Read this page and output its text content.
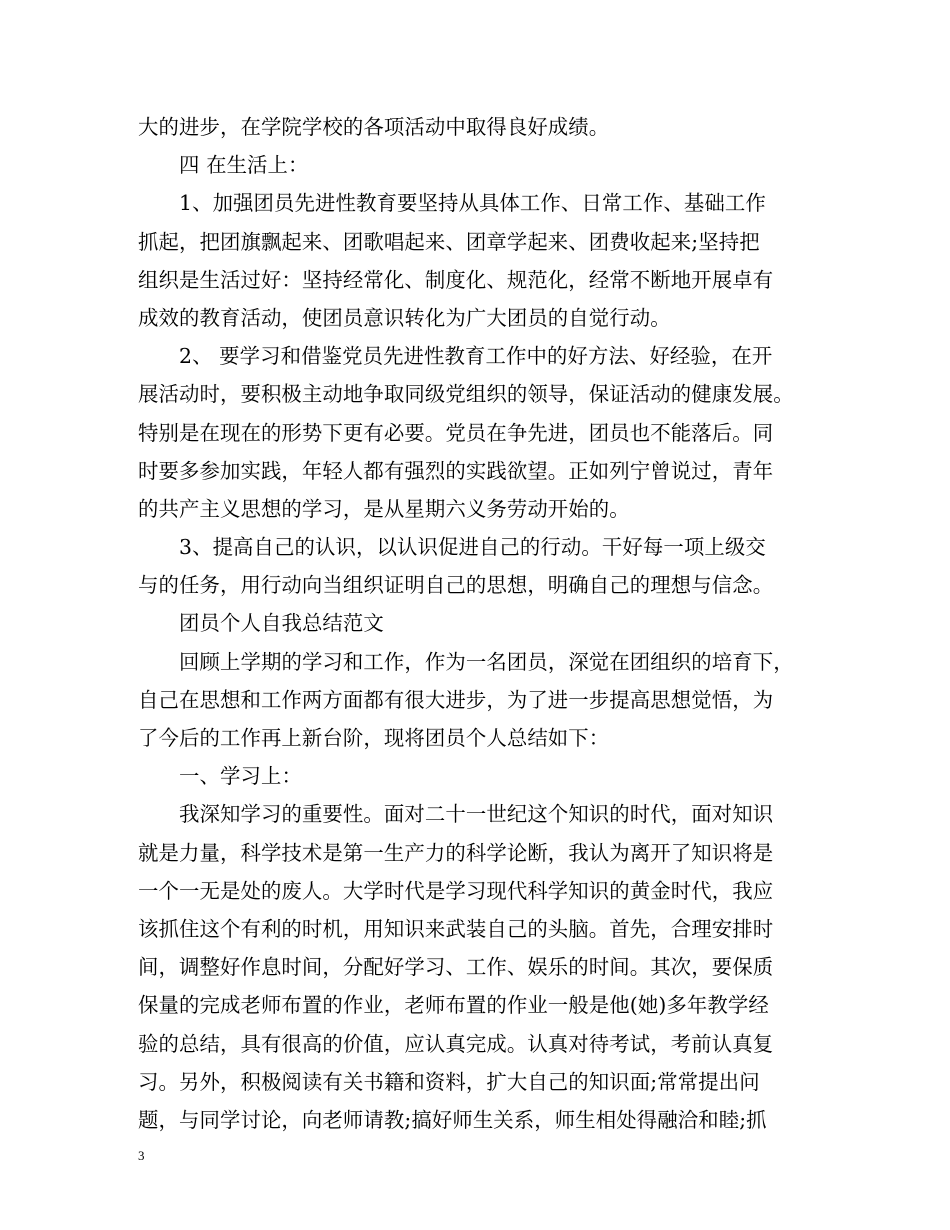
大的进步，在学院学校的各项活动中取得良好成绩。
四 在生活上：
1、加强团员先进性教育要坚持从具体工作、日常工作、基础工作
抓起，把团旗飘起来、团歌唱起来、团章学起来、团费收起来;坚持把
组织是生活过好：坚持经常化、制度化、规范化，经常不断地开展卓有
成效的教育活动，使团员意识转化为广大团员的自觉行动。
2、 要学习和借鉴党员先进性教育工作中的好方法、好经验，在开
展活动时，要积极主动地争取同级党组织的领导，保证活动的健康发展。
特别是在现在的形势下更有必要。党员在争先进，团员也不能落后。同
时要多参加实践，年轻人都有强烈的实践欲望。正如列宁曾说过，青年
的共产主义思想的学习，是从星期六义务劳动开始的。
3、提高自己的认识，以认识促进自己的行动。干好每一项上级交
与的任务，用行动向当组织证明自己的思想，明确自己的理想与信念。
团员个人自我总结范文
回顾上学期的学习和工作，作为一名团员，深觉在团组织的培育下，
自己在思想和工作两方面都有很大进步，为了进一步提高思想觉悟，为
了今后的工作再上新台阶，现将团员个人总结如下：
一、学习上：
我深知学习的重要性。面对二十一世纪这个知识的时代，面对知识
就是力量，科学技术是第一生产力的科学论断，我认为离开了知识将是
一个一无是处的废人。大学时代是学习现代科学知识的黄金时代，我应
该抓住这个有利的时机，用知识来武装自己的头脑。首先，合理安排时
间，调整好作息时间，分配好学习、工作、娱乐的时间。其次，要保质
保量的完成老师布置的作业，老师布置的作业一般是他(她)多年教学经
验的总结，具有很高的价值，应认真完成。认真对待考试，考前认真复
习。另外，积极阅读有关书籍和资料，扩大自己的知识面;常常提出问
题，与同学讨论，向老师请教;搞好师生关系，师生相处得融洽和睦;抓
3
